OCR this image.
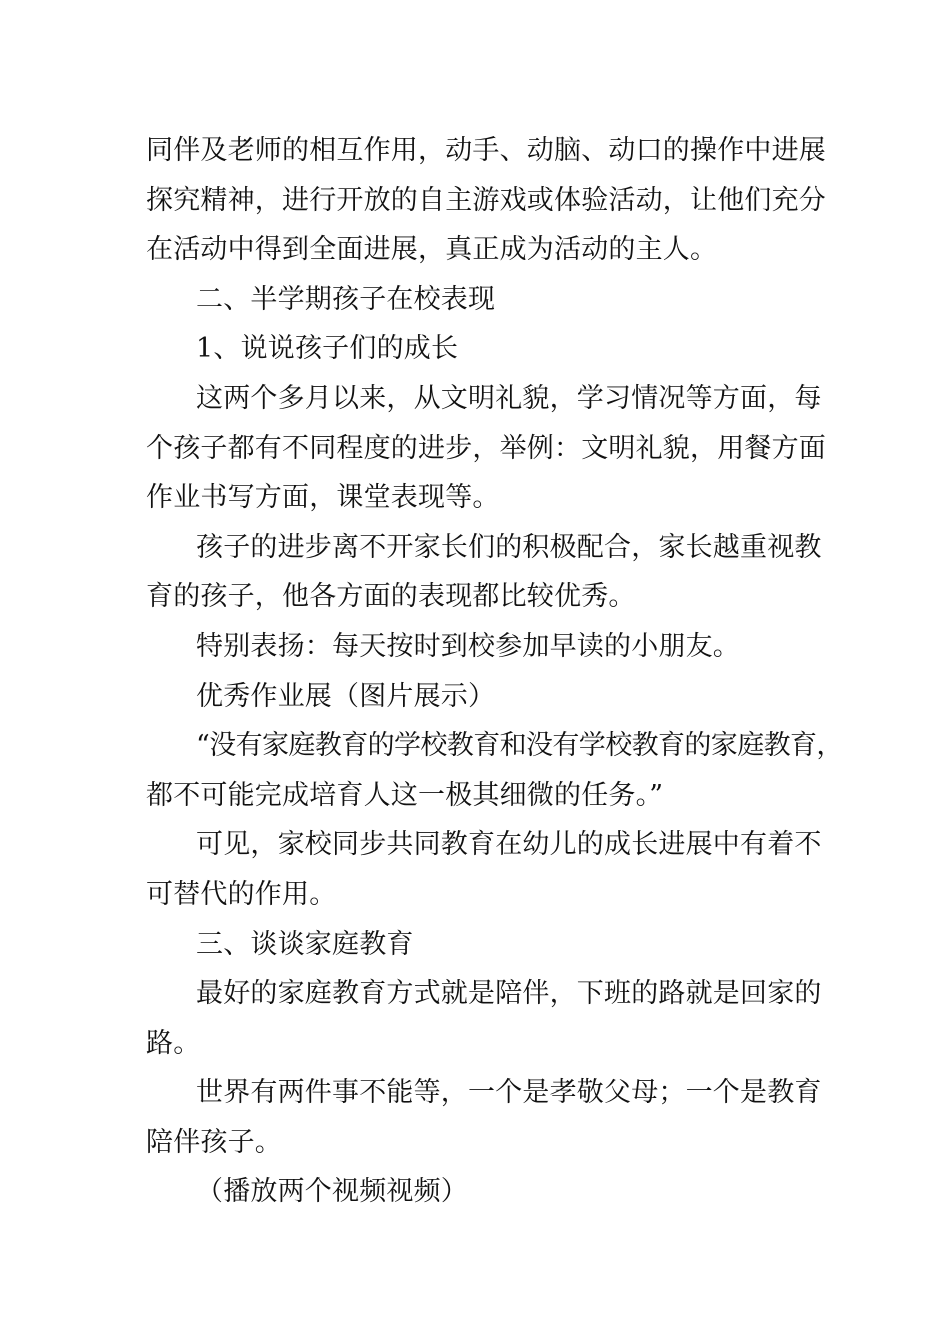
同伴及老师的相互作用，动手、动脑、动口的操作中进展
探究精神，进行开放的自主游戏或体验活动，让他们充分
在活动中得到全面进展，真正成为活动的主人。
二、半学期孩子在校表现
1、说说孩子们的成长
这两个多月以来，从文明礼貌，学习情况等方面，每
个孩子都有不同程度的进步，举例：文明礼貌，用餐方面
作业书写方面，课堂表现等。
孩子的进步离不开家长们的积极配合，家长越重视教
育的孩子，他各方面的表现都比较优秀。
特别表扬：每天按时到校参加早读的小朋友。
优秀作业展（图片展示）
“没有家庭教育的学校教育和没有学校教育的家庭教育，
都不可能完成培育人这一极其细微的任务。”
可见，家校同步共同教育在幼儿的成长进展中有着不
可替代的作用。
三、谈谈家庭教育
最好的家庭教育方式就是陪伴，下班的路就是回家的
路。
世界有两件事不能等，一个是孝敬父母；一个是教育
陪伴孩子。
（播放两个视频视频）
